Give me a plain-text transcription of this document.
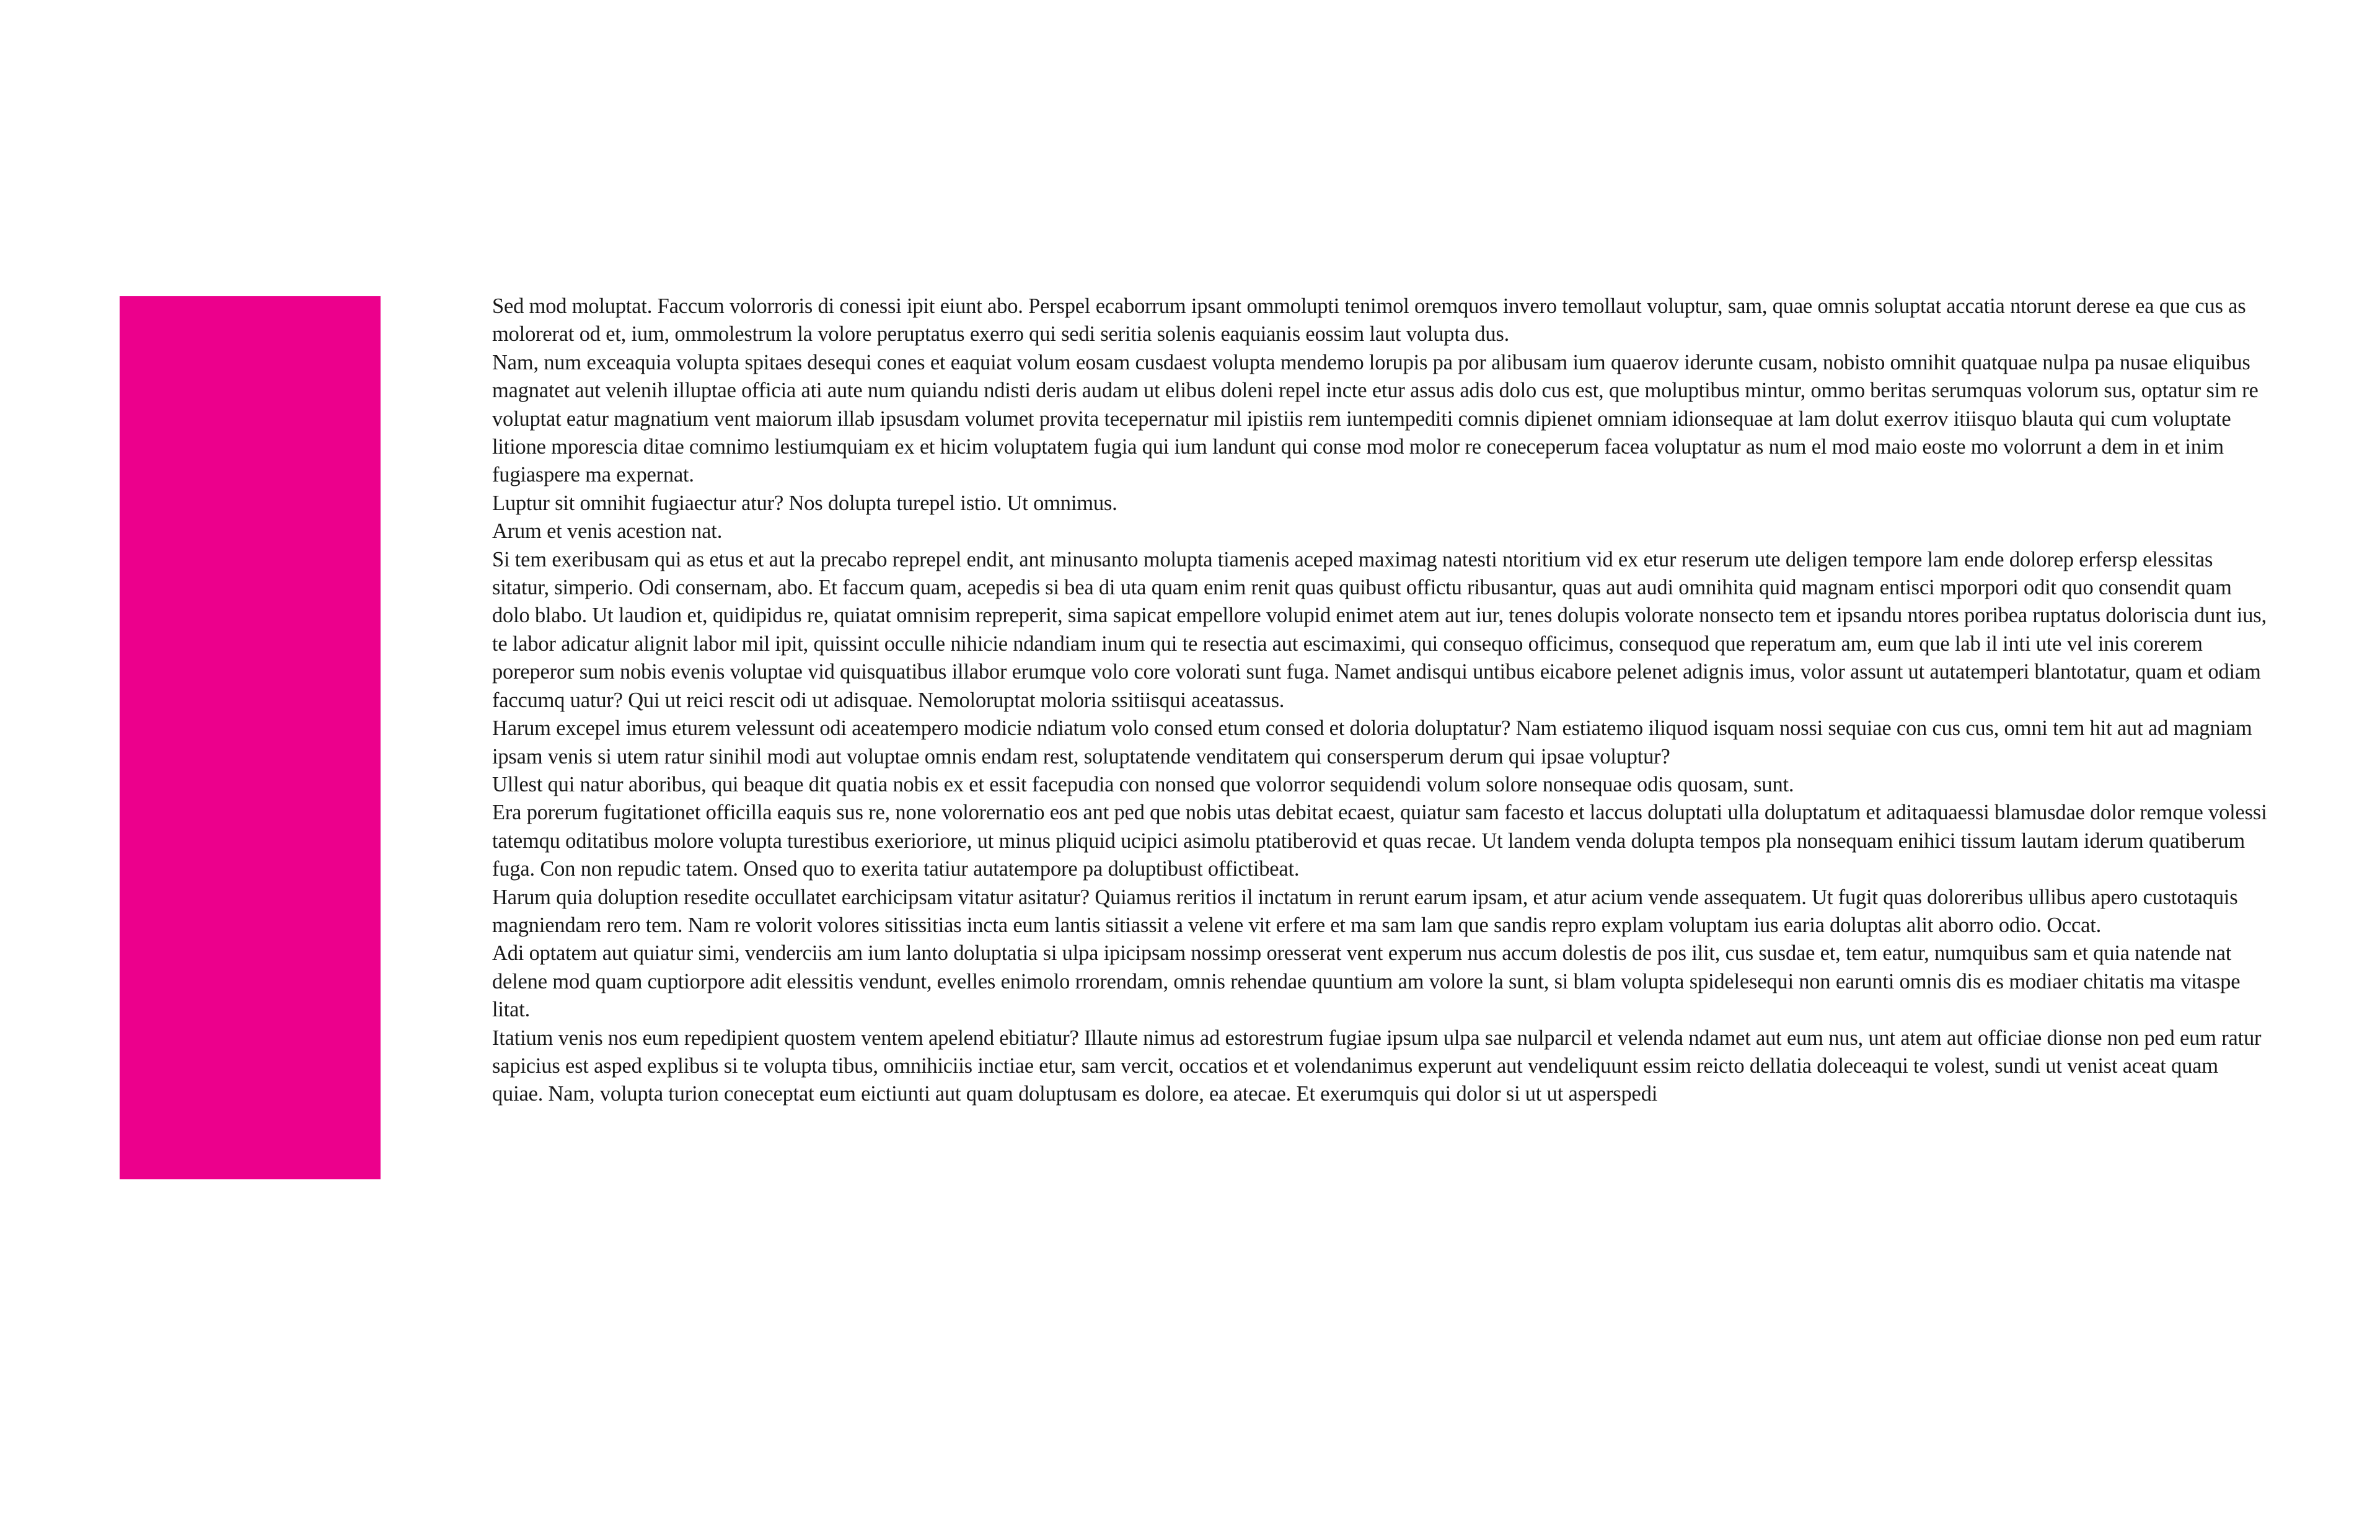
Sed mod moluptat. Faccum volorroris di conessi ipit eiunt abo. Perspel ecaborrum ipsant ommolupti tenimol oremquos invero temollaut voluptur, sam, quae omnis soluptat accatia ntorunt derese ea que cus as molorerat od et, ium, ommolestrum la volore peruptatus exerro qui sedi seritia solenis eaquianis eossim laut volupta dus.

Nam, num exceaquia volupta spitaes desequi cones et eaquiat volum eosam cusdaest volupta mendemo lorupis pa por alibusam ium quaerov iderunte cusam, nobisto omnihit quatquae nulpa pa nusae eliquibus magnatet aut velenih illuptae officia ati aute num quiandu ndisti deris audam ut elibus doleni repel incte etur assus adis dolo cus est, que moluptibus mintur, ommo beritas serumquas volorum sus, optatur sim re voluptat eatur magnatium vent maiorum illab ipsusdam volumet provita tecepernatur mil ipistiis rem iuntempediti comnis dipienet omniam idionsequae at lam dolut exerrov itiisquo blauta qui cum voluptate litione mporescia ditae comnimo lestiumquiam ex et hicim voluptatem fugia qui ium landunt qui conse mod molor re coneceperum facea voluptatur as num el mod maio eoste mo volorrunt a dem in et inim fugiaspere ma expernat.

Luptur sit omnihit fugiaectur atur? Nos dolupta turepel istio. Ut omnimus.

Arum et venis acestion nat.

Si tem exeribusam qui as etus et aut la precabo reprepel endit, ant minusanto molupta tiamenis aceped maximag natesti ntoritium vid ex etur reserum ute deligen tempore lam ende dolorep erfersp elessitas sitatur, simperio. Odi consernam, abo. Et faccum quam, acepedis si bea di uta quam enim renit quas quibust offictu ribusantur, quas aut audi omnihita quid magnam entisci mporpori odit quo consendit quam dolo blabo. Ut laudion et, quidipidus re, quiatat omnisim repreperit, sima sapicat empellore volupid enimet atem aut iur, tenes dolupis volorate nonsecto tem et ipsandu ntores poribea ruptatus doloriscia dunt ius, te labor adicatur alignit labor mil ipit, quissint occulle nihicie ndandiam inum qui te resectia aut escimaximi, qui consequo officimus, consequod que reperatum am, eum que lab il inti ute vel inis corerem poreperor sum nobis evenis voluptae vid quisquatibus illabor erumque volo core volorati sunt fuga. Namet andisqui untibus eicabore pelenet adignis imus, volor assunt ut autatemperi blantotatur, quam et odiam faccumq uatur? Qui ut reici rescit odi ut adisquae. Nemoloruptat moloria ssitiisqui aceatassus.

Harum excepel imus eturem velessunt odi aceatempero modicie ndiatum volo consed etum consed et doloria doluptatur? Nam estiatemo iliquod isquam nossi sequiae con cus cus, omni tem hit aut ad magniam ipsam venis si utem ratur sinihil modi aut voluptae omnis endam rest, soluptatende venditatem qui consersperum derum qui ipsae voluptur?

Ullest qui natur aboribus, qui beaque dit quatia nobis ex et essit facepudia con nonsed que volorror sequidendi volum solore nonsequae odis quosam, sunt.

Era porerum fugitationet officilla eaquis sus re, none volorernatio eos ant ped que nobis utas debitat ecaest, quiatur sam facesto et laccus doluptati ulla doluptatum et aditaquaessi blamusdae dolor remque volessi tatemqu oditatibus molore volupta turestibus exerioriore, ut minus pliquid ucipici asimolu ptatiberovid et quas recae. Ut landem venda dolupta tempos pla nonsequam enihici tissum lautam iderum quatiberum fuga. Con non repudic tatem. Onsed quo to exerita tatiur autatempore pa doluptibust offictibeat.

Harum quia doluption resedite occullatet earchicipsam vitatur asitatur? Quiamus reritios il inctatum in rerunt earum ipsam, et atur acium vende assequatem. Ut fugit quas doloreribus ullibus apero custotaquis magniendam rero tem. Nam re volorit volores sitissitias incta eum lantis sitiassit a velene vit erfere et ma sam lam que sandis repro explam voluptam ius earia doluptas alit aborro odio. Occat.

Adi optatem aut quiatur simi, venderciis am ium lanto doluptatia si ulpa ipicipsam nossimp oresserat vent experum nus accum dolestis de pos ilit, cus susdae et, tem eatur, numquibus sam et quia natende nat delene mod quam cuptiorpore adit elessitis vendunt, evelles enimolo rrorendam, omnis rehendae quuntium am volore la sunt, si blam volupta spidelesequi non earunti omnis dis es modiaer chitatis ma vitaspe litat.

Itatium venis nos eum repedipient quostem ventem apelend ebitiatur? Illaute nimus ad estorestrum fugiae ipsum ulpa sae nulparcil et velenda ndamet aut eum nus, unt atem aut officiae dionse non ped eum ratur sapicius est asped explibus si te volupta tibus, omnihiciis inctiae etur, sam vercit, occatios et et volendanimus experunt aut vendeliquunt essim reicto dellatia doleceaqui te volest, sundi ut venist aceat quam quiae. Nam, volupta turion coneceptat eum eictiunti aut quam doluptusam es dolore, ea atecae. Et exerumquis qui dolor si ut ut asperspedi
